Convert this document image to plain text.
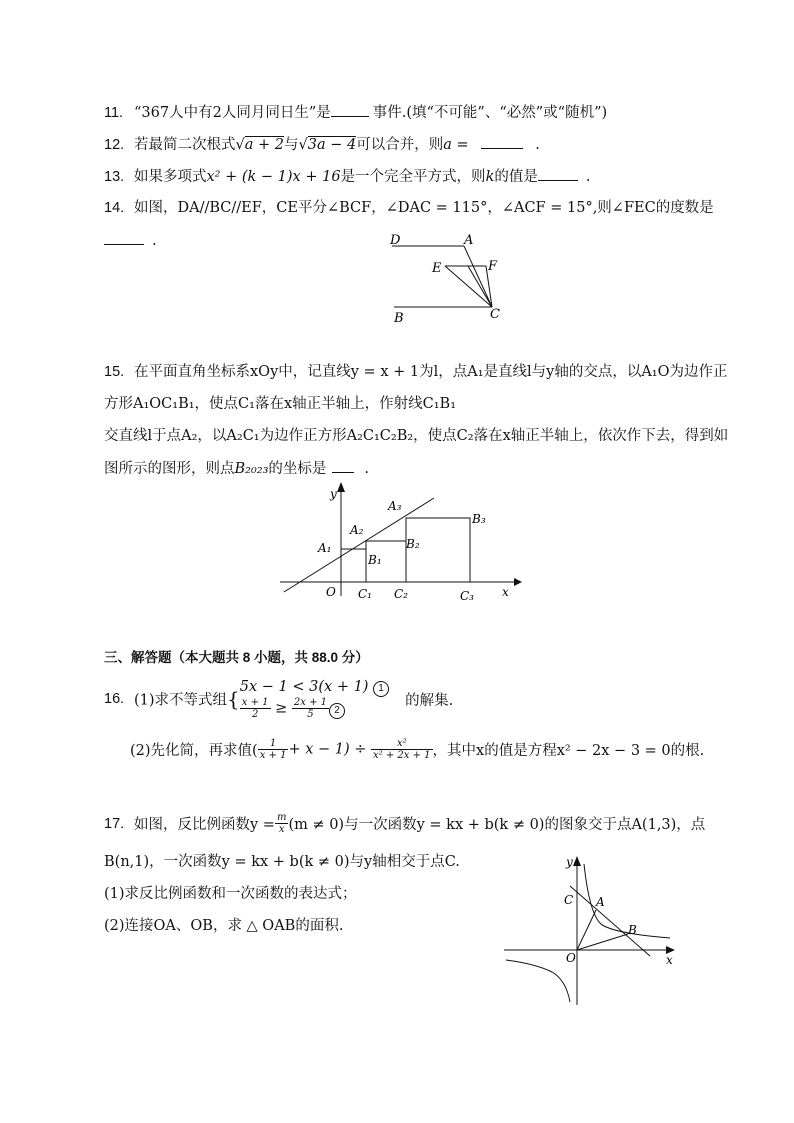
11. “367人中有2人同月同日生”是	事件.(填“不可能”、“必然”或“随机”)
12. 若最简二次根式√a + 2与√3a − 4可以合并，则a =	.
13. 如果多项式x² + (k − 1)x + 16是一个完全平方式，则k的值是	.
14. 如图，DA//BC//EF，CE平分∠BCF，∠DAC = 115°，∠ACF = 15°,则∠FEC的度数是
.	D	A
E	F
B	C
15. 在平面直角坐标系xOy中，记直线y = x + 1为l，点A₁是直线l与y轴的交点，以A₁O为边作正
方形A₁OC₁B₁，使点C₁落在x轴正半轴上，作射线C₁B₁
交直线l于点A₂，以A₂C₁为边作正方形A₂C₁C₂B₂，使点C₂落在x轴正半轴上，依次作下去，得到如
图所示的图形，则点B₂₀₂₃的坐标是	.
y
x
O
A₁
A₂
A₃
B₁
B₂
B₃
C₁ C₂	C₃
三、解答题（本大题共 8 小题，共 88.0 分）
16. (1)求不等式组{ 5x − 1 < 3(x + 1) 1
$\frac{x + 1}{2} \ge \frac{2x + 1}{5} 2$
的解集.
(2)先化简，再求值( $\frac{1}{x + 1} + x - 1) \div \frac{\text{x²}}{\text{x² + 2x + 1}}$ ，其中x的值是方程x² − 2x − 3 = 0的根.
17. 如图，反比例函数$y = \frac{m}{x} (m \ne 0)$与一次函数y = kx + b(k ≠ 0)的图象交于点A(1,3)，点
B(n,1)，一次函数y = kx + b(k ≠ 0)与y轴相交于点C.
(1)求反比例函数和一次函数的表达式；
(2)连接OA、OB，求 △ OAB的面积.
y
x
O
A
B
C
